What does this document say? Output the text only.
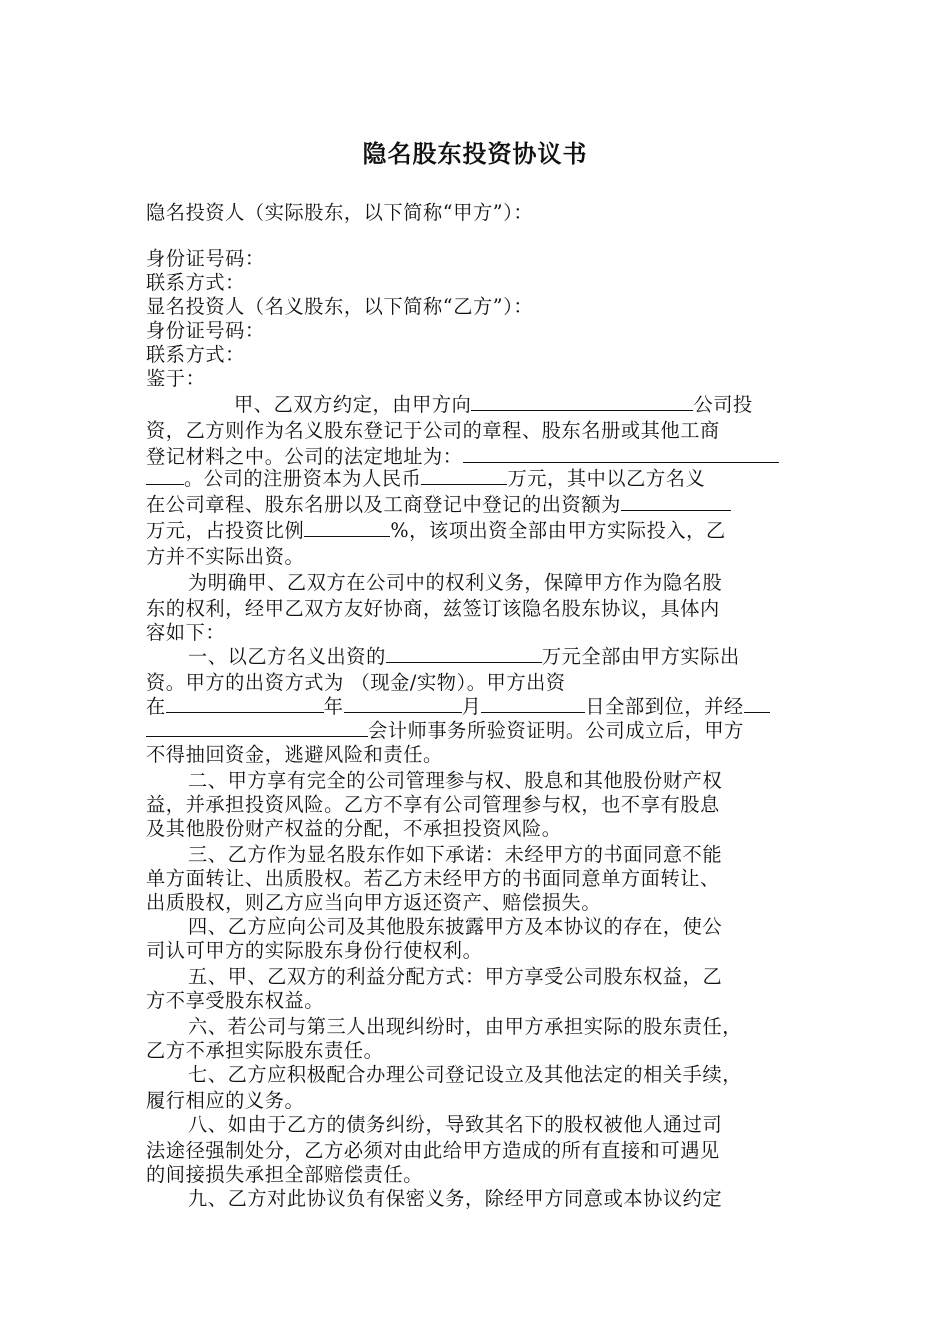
隐名股东投资协议书
隐名投资人（实际股东，以下简称“甲方”）：
身份证号码：
联系方式：
显名投资人（名义股东，以下简称“乙方”）：
身份证号码：
联系方式：
鉴于：
甲、乙双方约定，由甲方向	公司投
资，乙方则作为名义股东登记于公司的章程、股东名册或其他工商
登记材料之中。公司的法定地址为：
。公司的注册资本为人民币	万元，其中以乙方名义
在公司章程、股东名册以及工商登记中登记的出资额为
万元，占投资比例	%，该项出资全部由甲方实际投入，乙
方并不实际出资。
为明确甲、乙双方在公司中的权利义务，保障甲方作为隐名股
东的权利，经甲乙双方友好协商，兹签订该隐名股东协议，具体内
容如下：
一、以乙方名义出资的	万元全部由甲方实际出
资。甲方的出资方式为 （现金/实物）。甲方出资
在	年	月	日全部到位，并经
会计师事务所验资证明。公司成立后，甲方
不得抽回资金，逃避风险和责任。
二、甲方享有完全的公司管理参与权、股息和其他股份财产权
益，并承担投资风险。乙方不享有公司管理参与权，也不享有股息
及其他股份财产权益的分配，不承担投资风险。
三、乙方作为显名股东作如下承诺：未经甲方的书面同意不能
单方面转让、出质股权。若乙方未经甲方的书面同意单方面转让、
出质股权，则乙方应当向甲方返还资产、赔偿损失。
四、乙方应向公司及其他股东披露甲方及本协议的存在，使公
司认可甲方的实际股东身份行使权利。
五、甲、乙双方的利益分配方式：甲方享受公司股东权益，乙
方不享受股东权益。
六、若公司与第三人出现纠纷时，由甲方承担实际的股东责任，
乙方不承担实际股东责任。
七、乙方应积极配合办理公司登记设立及其他法定的相关手续，
履行相应的义务。
八、如由于乙方的债务纠纷，导致其名下的股权被他人通过司
法途径强制处分，乙方必须对由此给甲方造成的所有直接和可遇见
的间接损失承担全部赔偿责任。
九、乙方对此协议负有保密义务，除经甲方同意或本协议约定
